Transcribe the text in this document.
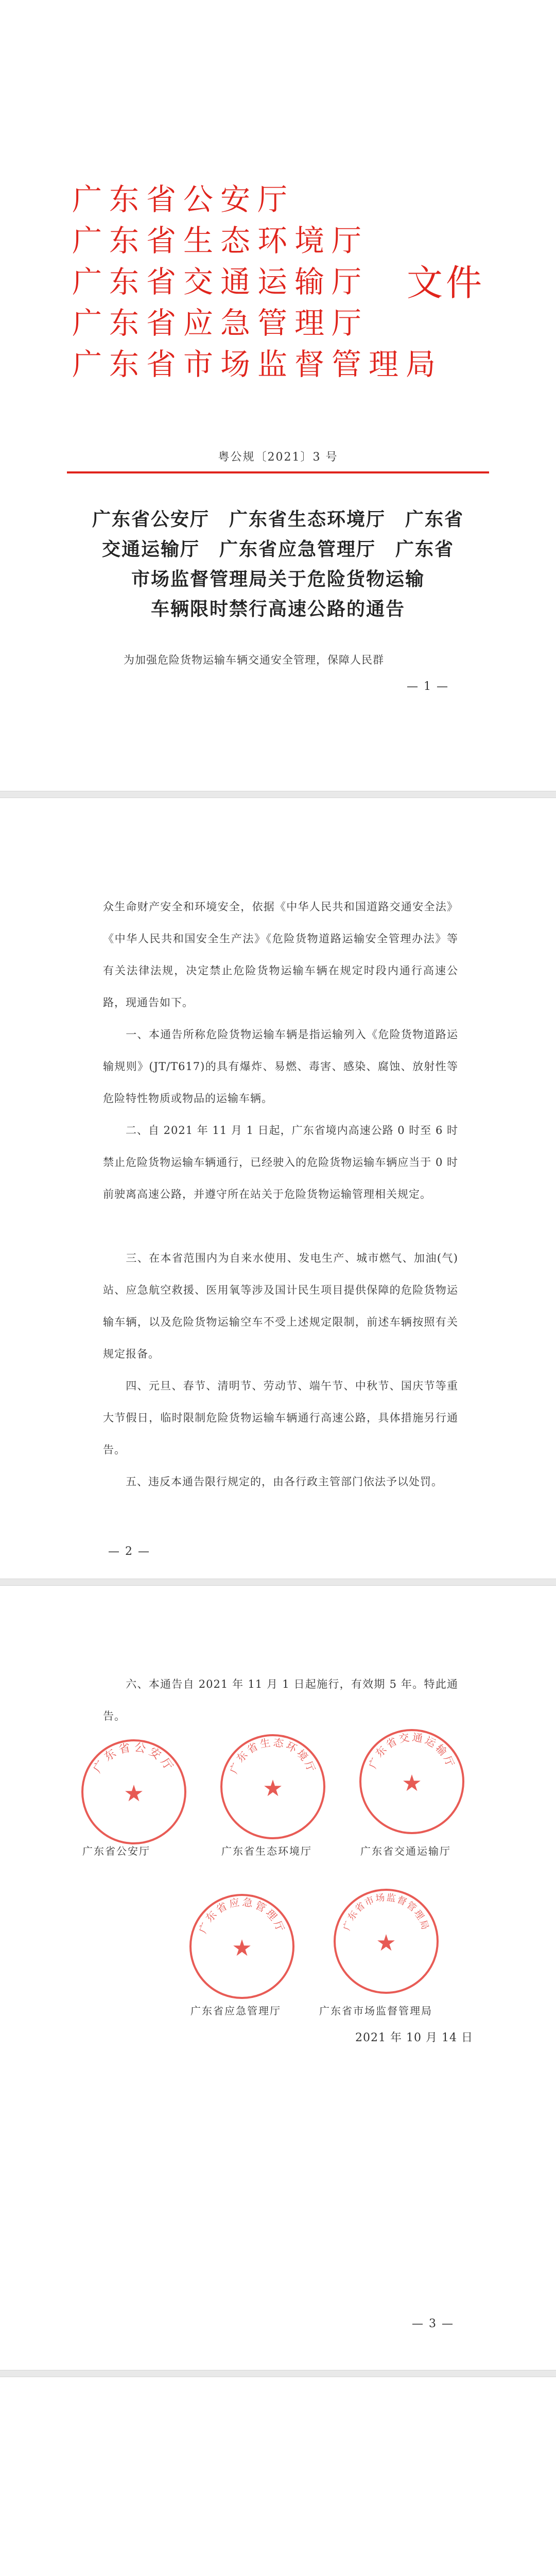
广东省公安厅
广东省生态环境厅
广东省交通运输厅 文件
广东省应急管理厅
广东省市场监督管理局
粤公规〔2021〕3 号
广东省公安厅　广东省生态环境厅　广东省
交通运输厅　广东省应急管理厅　广东省
市场监督管理局关于危险货物运输
车辆限时禁行高速公路的通告
为加强危险货物运输车辆交通安全管理，保障人民群
— 1 —
众生命财产安全和环境安全，依据《中华人民共和国道路交通安全法》《中华人民共和国安全生产法》《危险货物道路运输安全管理办法》等有关法律法规，决定禁止危险货物运输车辆在规定时段内通行高速公路，现通告如下。
一、本通告所称危险货物运输车辆是指运输列入《危险货物道路运输规则》(JT/T617)的具有爆炸、易燃、毒害、感染、腐蚀、放射性等危险特性物质或物品的运输车辆。
二、自 2021 年 11 月 1 日起，广东省境内高速公路 0 时至 6 时禁止危险货物运输车辆通行，已经驶入的危险货物运输车辆应当于 0 时前驶离高速公路，并遵守所在站关于危险货物运输管理相关规定。
三、在本省范围内为自来水使用、发电生产、城市燃气、加油(气)站、应急航空救援、医用氧等涉及国计民生项目提供保障的危险货物运输车辆，以及危险货物运输空车不受上述规定限制，前述车辆按照有关规定报备。
四、元旦、春节、清明节、劳动节、端午节、中秋节、国庆节等重大节假日，临时限制危险货物运输车辆通行高速公路，具体措施另行通告。
五、违反本通告限行规定的，由各行政主管部门依法予以处罚。
— 2 —
六、本通告自 2021 年 11 月 1 日起施行，有效期 5 年。特此通告。
广东省公安厅
★
广东省公安厅
广东省生态环境厅
★
广东省生态环境厅
广东省交通运输厅
★
广东省交通运输厅
广东省应急管理厅
★
广东省应急管理厅
广东省市场监督管理局
★
广东省市场监督管理局
2021 年 10 月 14 日
— 3 —
